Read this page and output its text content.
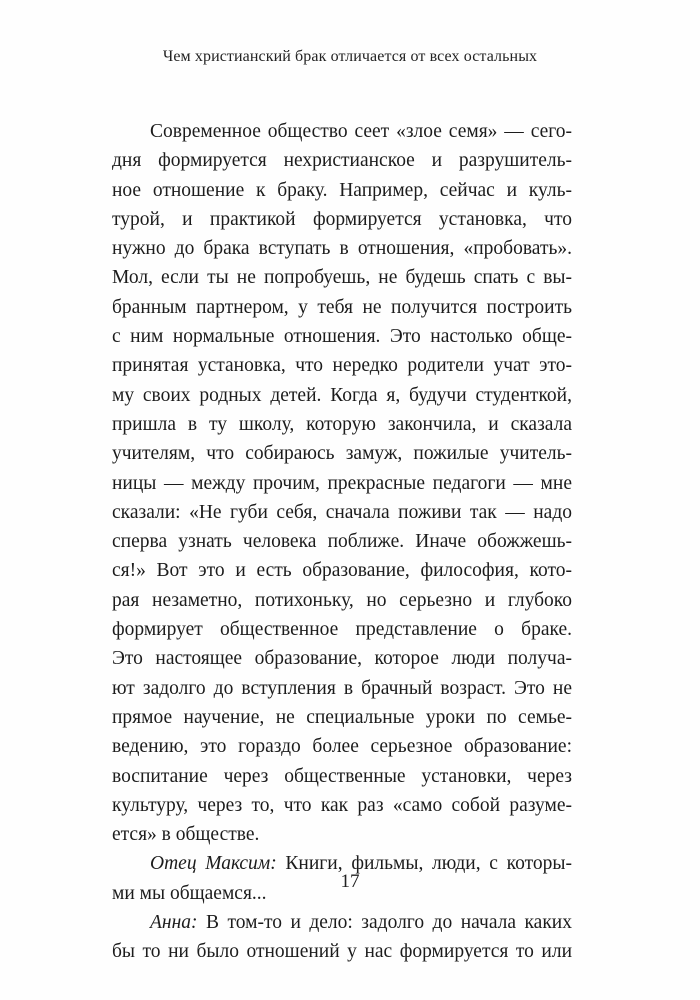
Чем христианский брак отличается от всех остальных
Современное общество сеет «злое семя» — сего-
дня формируется нехристианское и разрушитель-
ное отношение к браку. Например, сейчас и куль-
турой, и практикой формируется установка, что
нужно до брака вступать в отношения, «пробовать».
Мол, если ты не попробуешь, не будешь спать с вы-
бранным партнером, у тебя не получится построить
с ним нормальные отношения. Это настолько обще-
принятая установка, что нередко родители учат это-
му своих родных детей. Когда я, будучи студенткой,
пришла в ту школу, которую закончила, и сказала
учителям, что собираюсь замуж, пожилые учитель-
ницы — между прочим, прекрасные педагоги — мне
сказали: «Не губи себя, сначала поживи так — надо
сперва узнать человека поближе. Иначе обожжешь-
ся!» Вот это и есть образование, философия, кото-
рая незаметно, потихоньку, но серьезно и глубоко
формирует общественное представление о браке.
Это настоящее образование, которое люди получа-
ют задолго до вступления в брачный возраст. Это не
прямое научение, не специальные уроки по семье-
ведению, это гораздо более серьезное образование:
воспитание через общественные установки, через
культуру, через то, что как раз «само собой разуме-
ется» в обществе.
Отец Максим: Книги, фильмы, люди, с которы-
ми мы общаемся...
Анна: В том-то и дело: задолго до начала каких
бы то ни было отношений у нас формируется то или
17
